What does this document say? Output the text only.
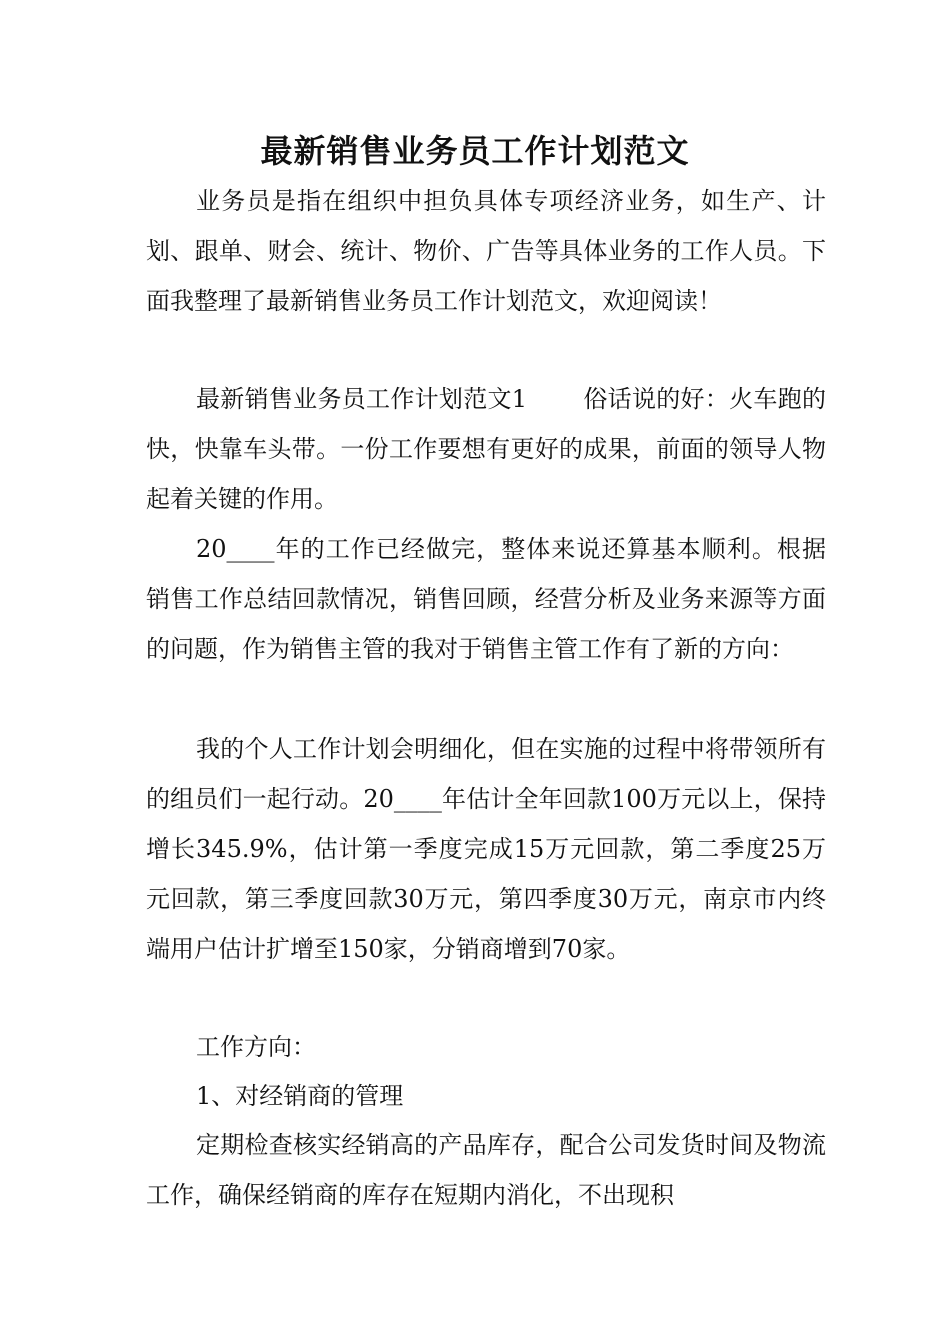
最新销售业务员工作计划范文

业务员是指在组织中担负具体专项经济业务，如生产、计划、跟单、财会、统计、物价、广告等具体业务的工作人员。下面我整理了最新销售业务员工作计划范文，欢迎阅读！

最新销售业务员工作计划范文1 俗话说的好：火车跑的快，快靠车头带。一份工作要想有更好的成果，前面的领导人物起着关键的作用。

20____年的工作已经做完，整体来说还算基本顺利。根据销售工作总结回款情况，销售回顾，经营分析及业务来源等方面的问题，作为销售主管的我对于销售主管工作有了新的方向：

我的个人工作计划会明细化，但在实施的过程中将带领所有的组员们一起行动。20____年估计全年回款100万元以上，保持增长345.9%，估计第一季度完成15万元回款，第二季度25万元回款，第三季度回款30万元，第四季度30万元，南京市内终端用户估计扩增至150家，分销商增到70家。

工作方向：

1、对经销商的管理

定期检查核实经销高的产品库存，配合公司发货时间及物流工作，确保经销商的库存在短期内消化，不出现积
